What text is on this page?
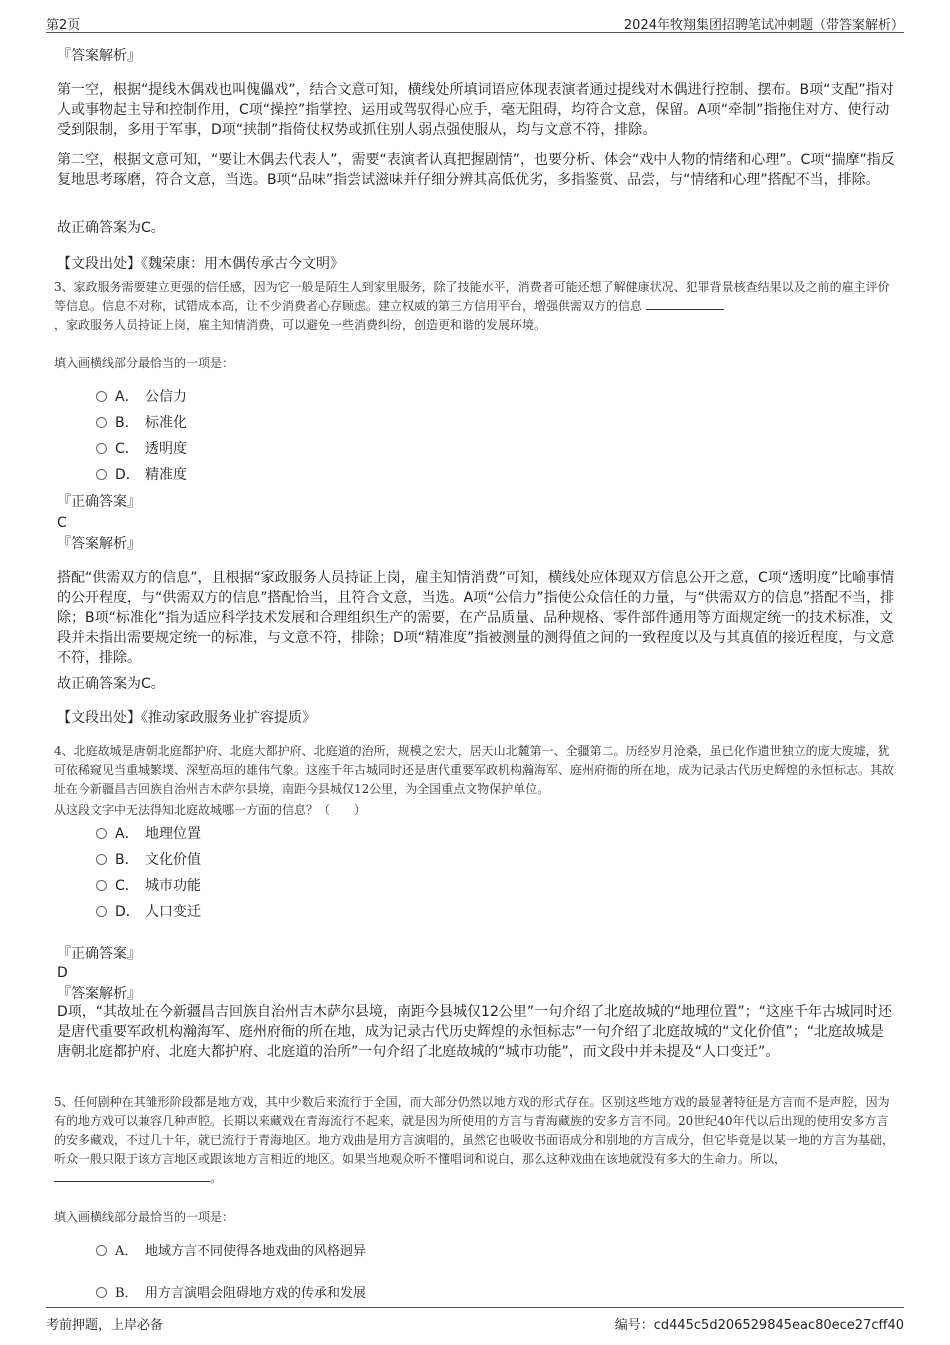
第2页	2024年牧翔集团招聘笔试冲刺题（带答案解析）
『答案解析』

第一空，根据“提线木偶戏也叫傀儡戏”，结合文意可知，横线处所填词语应体现表演者通过提线对木偶进行控制、摆布。B项“支配”指对人或事物起主导和控制作用，C项“操控”指掌控、运用或驾驭得心应手，毫无阻碍，均符合文意，保留。A项“牵制”指拖住对方、使行动受到限制，多用于军事，D项“挟制”指倚仗权势或抓住别人弱点强使服从，均与文意不符，排除。

第二空，根据文意可知，“要让木偶去代表人”，需要“表演者认真把握剧情”，也要分析、体会“戏中人物的情绪和心理”。C项“揣摩”指反复地思考琢磨，符合文意，当选。B项“品味”指尝试滋味并仔细分辨其高低优劣，多指鉴赏、品尝，与“情绪和心理”搭配不当，排除。

故正确答案为C。

【文段出处】《魏荣康：用木偶传承古今文明》

3、家政服务需要建立更强的信任感，因为它一般是陌生人到家里服务，除了技能水平，消费者可能还想了解健康状况、犯罪背景核查结果以及之前的雇主评价等信息。信息不对称，试错成本高，让不少消费者心存顾虑。建立权威的第三方信用平台，增强供需双方的信息
，家政服务人员持证上岗，雇主知情消费，可以避免一些消费纠纷，创造更和谐的发展环境。

填入画横线部分最恰当的一项是：

A． 公信力
B． 标准化
C． 透明度
D． 精准度
『正确答案』
C
『答案解析』

搭配“供需双方的信息”，且根据“家政服务人员持证上岗，雇主知情消费”可知，横线处应体现双方信息公开之意，C项“透明度”比喻事情的公开程度，与“供需双方的信息”搭配恰当，且符合文意，当选。A项“公信力”指使公众信任的力量，与“供需双方的信息”搭配不当，排除；B项“标准化”指为适应科学技术发展和合理组织生产的需要，在产品质量、品种规格、零件部件通用等方面规定统一的技术标准，文段并未指出需要规定统一的标准，与文意不符，排除；D项“精准度”指被测量的测得值之间的一致程度以及与其真值的接近程度，与文意不符，排除。

故正确答案为C。

【文段出处】《推动家政服务业扩容提质》

4、北庭故城是唐朝北庭都护府、北庭大都护府、北庭道的治所，规模之宏大，居天山北麓第一、全疆第二。历经岁月沧桑，虽已化作遗世独立的庞大废墟，犹可依稀窥见当重城繁墣、深堑高垣的雄伟气象。这座千年古城同时还是唐代重要军政机构瀚海军、庭州府衙的所在地，成为记录古代历史辉煌的永恒标志。其故址在今新疆昌吉回族自治州吉木萨尔县境，南距今县城仅12公里，为全国重点文物保护单位。

从这段文字中无法得知北庭故城哪一方面的信息？（　　）

A． 地理位置
B． 文化价值
C． 城市功能
D． 人口变迁
『正确答案』
D
『答案解析』

D项，“其故址在今新疆昌吉回族自治州吉木萨尔县境，南距今县城仅12公里”一句介绍了北庭故城的“地理位置”；“这座千年古城同时还是唐代重要军政机构瀚海军、庭州府衙的所在地，成为记录古代历史辉煌的永恒标志”一句介绍了北庭故城的“文化价值”；“北庭故城是唐朝北庭都护府、北庭大都护府、北庭道的治所”一句介绍了北庭故城的“城市功能”，而文段中并未提及“人口变迁”。

5、任何剧种在其雏形阶段都是地方戏，其中少数后来流行于全国，而大部分仍然以地方戏的形式存在。区别这些地方戏的最显著特征是方言而不是声腔，因为有的地方戏可以兼容几种声腔。长期以来藏戏在青海流行不起来，就是因为所使用的方言与青海藏族的安多方言不同。20世纪40年代以后出现的使用安多方言的安多藏戏，不过几十年，就已流行于青海地区。地方戏曲是用方言演唱的，虽然它也吸收书面语成分和别地的方言成分，但它毕竟是以某一地的方言为基础，听众一般只限于该方言地区或跟该地方言相近的地区。如果当地观众听不懂唱词和说白，那么这种戏曲在该地就没有多大的生命力。所以，。

填入画横线部分最恰当的一项是：

A． 地域方言不同使得各地戏曲的风格迥异
B． 用方言演唱会阻碍地方戏的传承和发展
考前押题，上岸必备	编号：cd445c5d206529845eac80ece27cff40
